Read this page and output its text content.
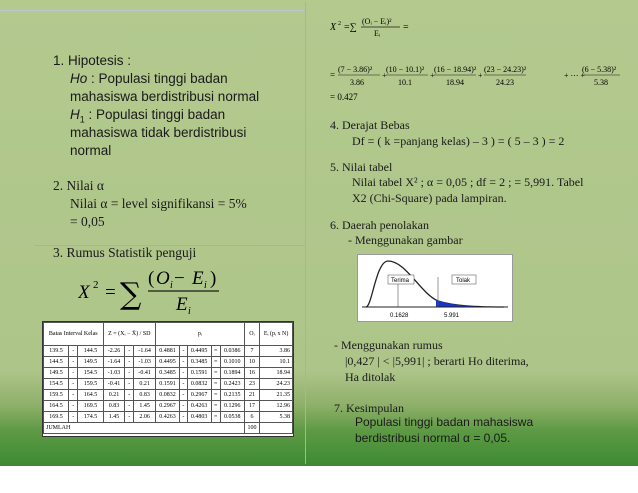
1. Hipotesis :
Ho : Populasi tinggi badan
mahasiswa berdistribusi normal
$H_1$ : Populasi tinggi badan
mahasiswa tidak berdistribusi
normal
2. Nilai α
Nilai α = level signifikansi = 5%
= 0,05
3. Rumus Statistik penguji
X 2 = ∑ ( O i − E i )
E i
Batas Interval Kelas			Z = (Xᵢ − X̄) / SD			pᵢ					Oᵢ	Eᵢ (pᵢ x N)
139.5	-	144.5	-2.26	-	-1.64	0.4881	-	0.4495	=	0.0386	7	3.86
144.5	-	149.5	-1.64	-	-1.03	0.4495	-	0.3485	=	0.1010	10	10.1
149.5	-	154.5	-1.03	-	-0.41	0.3485	-	0.1591	=	0.1894	16	18.94
154.5	-	159.5	-0.41	-	0.21	0.1591	-	0.0832	=	0.2423	23	24.23
159.5	-	164.5	0.21	-	0.83	0.0832	-	0.2967	=	0.2135	21	21.35
164.5	-	169.5	0.83	-	1.45	0.2967	-	0.4263	=	0.1296	17	12.96
169.5	-	174.5	1.45	-	2.06	0.4263	-	0.4803	=	0.0538	6	5.38
JUMLAH											100	
X 2 =∑
(Oᵢ − Eᵢ)²
Eᵢ
=
=
(7 − 3.86)²
3.86
+
(10 − 10.1)²
10.1
+
(16 − 18.94)²
18.94
+
(23 − 24.23)²
24.23
(6 − 5.38)²
5.38
+ ⋯ +
= 0.427
4. Derajat Bebas
Df = ( k =panjang kelas) – 3 ) = ( 5 – 3 ) = 2
5. Nilai tabel
Nilai tabel X² ; α = 0,05 ; df = 2 ; = 5,991. Tabel
X2 (Chi-Square) pada lampiran.
6. Daerah penolakan
- Menggunakan gambar
Terima	Tolak
0.1628	5.991
- Menggunakan rumus
|0,427 | < |5,991| ; berarti Ho diterima,
Ha ditolak
7. Kesimpulan
Populasi tinggi badan mahasiswa
berdistribusi normal α = 0,05.
